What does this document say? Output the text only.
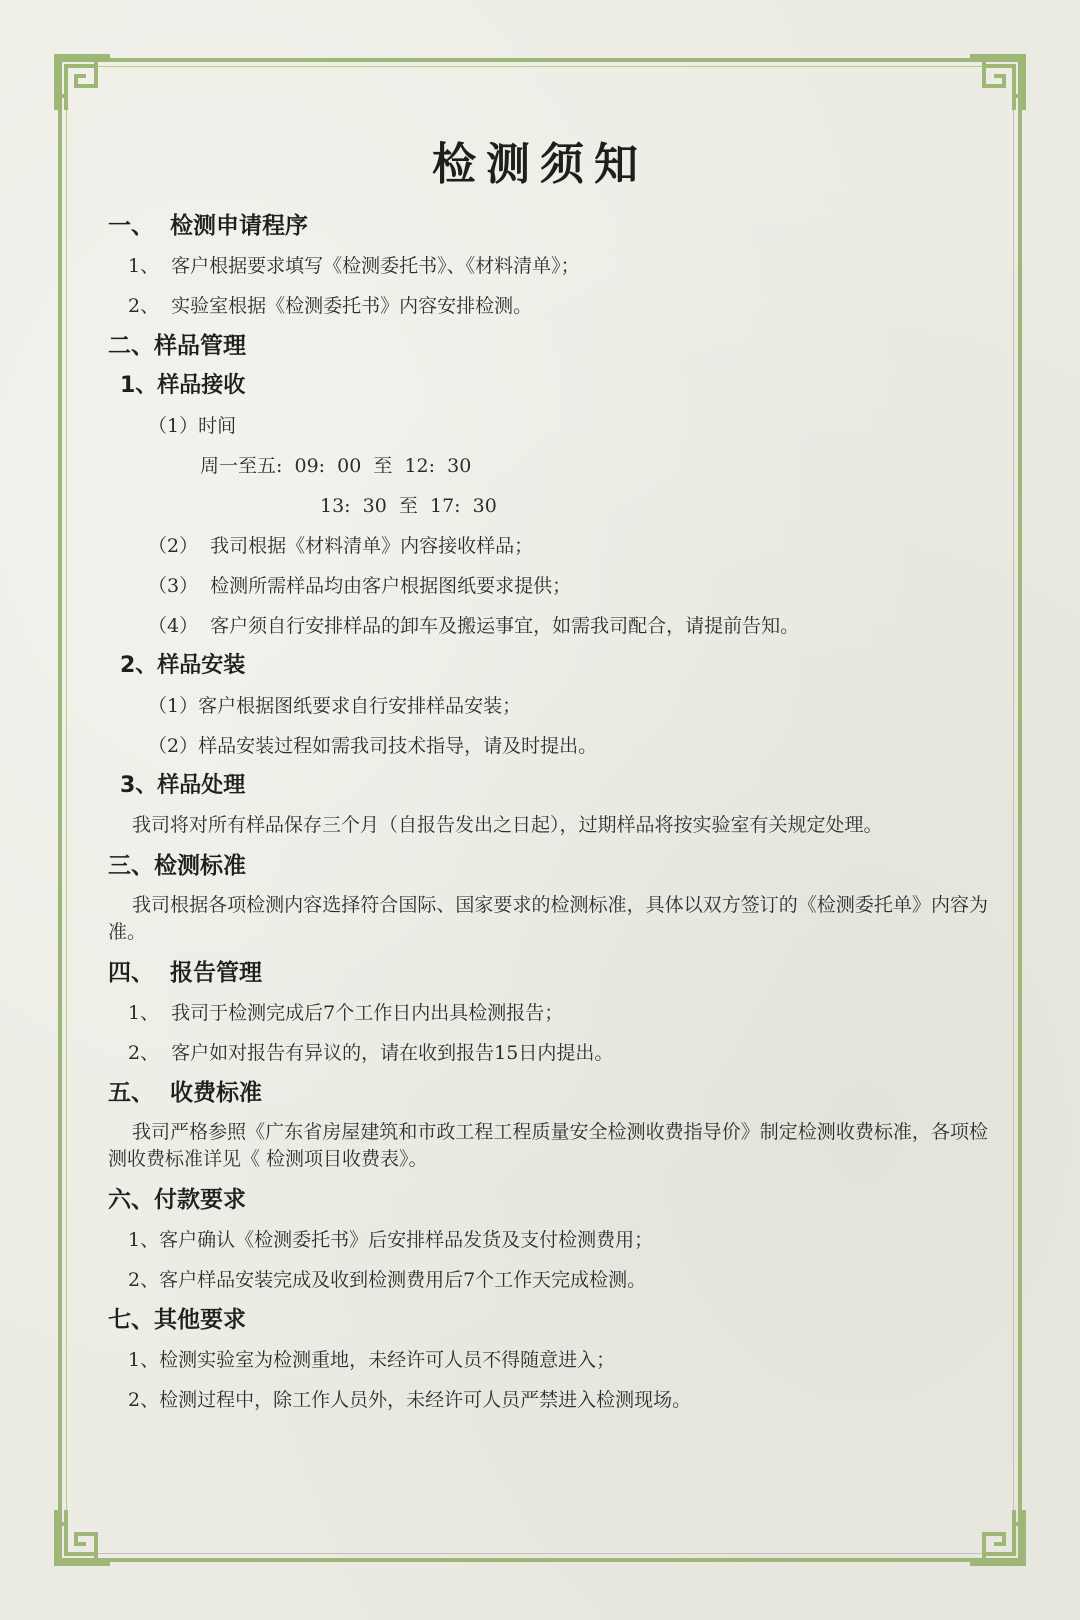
检测须知
一、  检测申请程序
1、  客户根据要求填写《检测委托书》、《材料清单》；
2、  实验室根据《检测委托书》内容安排检测。
二、样品管理
1、样品接收
（1）时间
周一至五:  09:  00  至  12:  30
13:  30  至  17:  30
（2）  我司根据《材料清单》内容接收样品；
（3）  检测所需样品均由客户根据图纸要求提供；
（4）  客户须自行安排样品的卸车及搬运事宜，如需我司配合，请提前告知。
2、样品安装
（1）客户根据图纸要求自行安排样品安装；
（2）样品安装过程如需我司技术指导，请及时提出。
3、样品处理
我司将对所有样品保存三个月（自报告发出之日起），过期样品将按实验室有关规定处理。
三、检测标准
我司根据各项检测内容选择符合国际、国家要求的检测标准，具体以双方签订的《检测委托单》内容为准。
四、  报告管理
1、  我司于检测完成后7个工作日内出具检测报告；
2、  客户如对报告有异议的，请在收到报告15日内提出。
五、  收费标准
我司严格参照《广东省房屋建筑和市政工程工程质量安全检测收费指导价》制定检测收费标准，各项检测收费标准详见《 检测项目收费表》。
六、付款要求
1、客户确认《检测委托书》后安排样品发货及支付检测费用；
2、客户样品安装完成及收到检测费用后7个工作天完成检测。
七、其他要求
1、检测实验室为检测重地，未经许可人员不得随意进入；
2、检测过程中，除工作人员外，未经许可人员严禁进入检测现场。
